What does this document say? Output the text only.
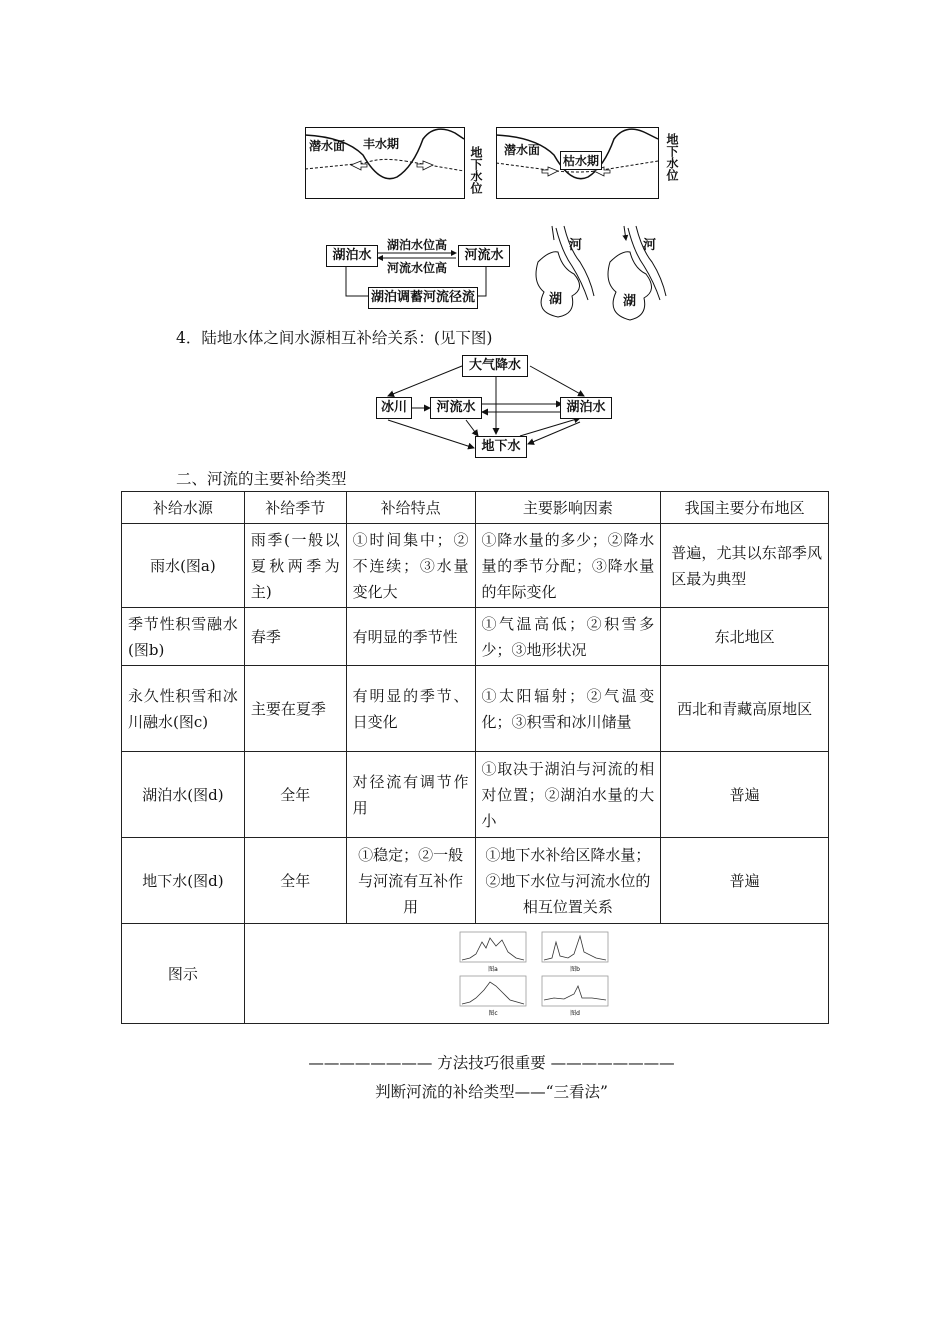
潜水面 丰水期
地下水位 潜水面
枯水期	地下水位
湖泊水	河流水
湖泊水位高
河流水位高
湖泊调蓄河流径流
河
湖
河
湖
4．陆地水体之间水源相互补给关系：(见下图)
大气降水
冰川	河流水	湖泊水
地下水
二、河流的主要补给类型
补给水源	补给季节	补给特点	主要影响因素	我国主要分布地区
雨水(图a)	雨季(一般以夏秋两季为主)	①时间集中；②不连续；③水量变化大	①降水量的多少；②降水量的季节分配；③降水量的年际变化	普遍，尤其以东部季风区最为典型
季节性积雪融水(图b)	春季	有明显的季节性	①气温高低；②积雪多少；③地形状况	东北地区
永久性积雪和冰川融水(图c)	主要在夏季	有明显的季节、日变化	①太阳辐射；②气温变化；③积雪和冰川储量	西北和青藏高原地区
湖泊水(图d)	全年	对径流有调节作用	①取决于湖泊与河流的相对位置；②湖泊水量的大小	普遍
地下水(图d)	全年	①稳定；②一般与河流有互补作用	①地下水补给区降水量；②地下水位与河流水位的相互位置关系	普遍
图示	图a 图b
图c 图d			
———————— 方法技巧很重要 ————————
判断河流的补给类型——“三看法”
